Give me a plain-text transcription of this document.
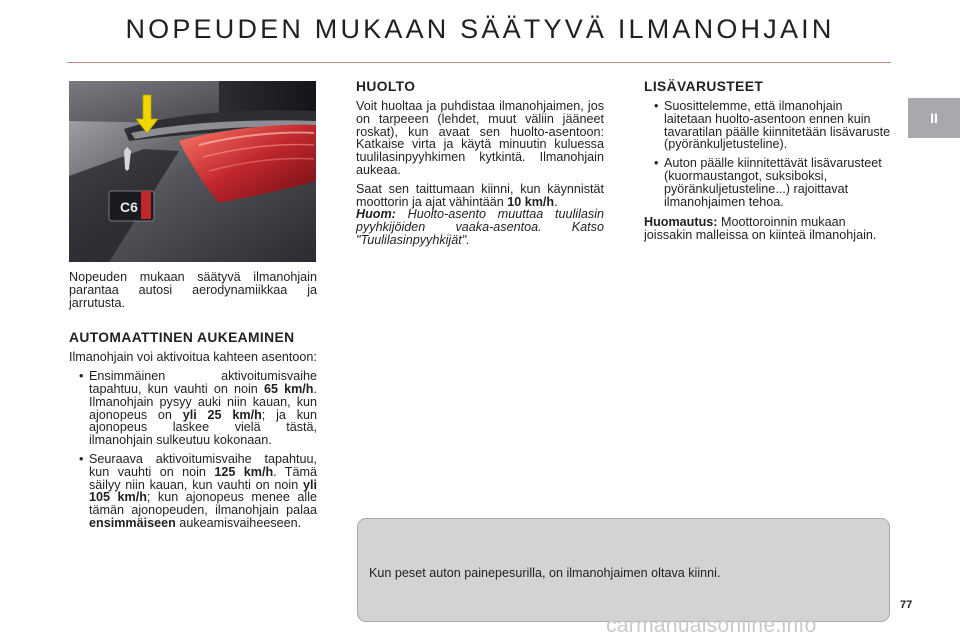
NOPEUDEN MUKAAN SÄÄTYVÄ ILMANOHJAIN
II
C6

Nopeuden mukaan säätyvä ilmanohjain parantaa autosi aerodynamiikkaa ja jarrutusta.

AUTOMAATTINEN AUKEAMINEN

Ilmanohjain voi aktivoitua kahteen asentoon:

• Ensimmäinen aktivoitumisvaihe tapahtuu, kun vauhti on noin 65 km/h. Ilmanohjain pysyy auki niin kauan, kun ajonopeus on yli 25 km/h; ja kun ajonopeus laskee vielä tästä, ilmanohjain sulkeutuu kokonaan.
• Seuraava aktivoitumisvaihe tapahtuu, kun vauhti on noin 125 km/h. Tämä säilyy niin kauan, kun vauhti on noin yli 105 km/h; kun ajonopeus menee alle tämän ajonopeuden, ilmanohjain palaa ensimmäiseen aukeamisvaiheeseen.
HUOLTO

Voit huoltaa ja puhdistaa ilmanohjaimen, jos on tarpeeen (lehdet, muut väliin jääneet roskat), kun avaat sen huolto-asentoon: Katkaise virta ja käytä minuutin kuluessa tuulilasinpyyhkimen kytkintä. Ilmanohjain aukeaa.

Saat sen taittumaan kiinni, kun käynnistät moottorin ja ajat vähintään 10 km/h.

Huom: Huolto-asento muuttaa tuulilasin pyyhkijöiden vaaka-asentoa. Katso "Tuulilasinpyyhkijät".

LISÄVARUSTEET
• Suosittelemme, että ilmanohjain laitetaan huolto-asentoon ennen kuin tavaratilan päälle kiinnitetään lisävaruste (pyöränkuljetusteline).
• Auton päälle kiinnitettävät lisävarusteet (kuormaustangot, suksiboksi, pyöränkuljetusteline...) rajoittavat ilmanohjaimen tehoa.

Huomautus: Moottoroinnin mukaan joissakin malleissa on kiinteä ilmanohjain.

Kun peset auton painepesurilla, on ilmanohjaimen oltava kiinni.
77
carmanualsonline.info
